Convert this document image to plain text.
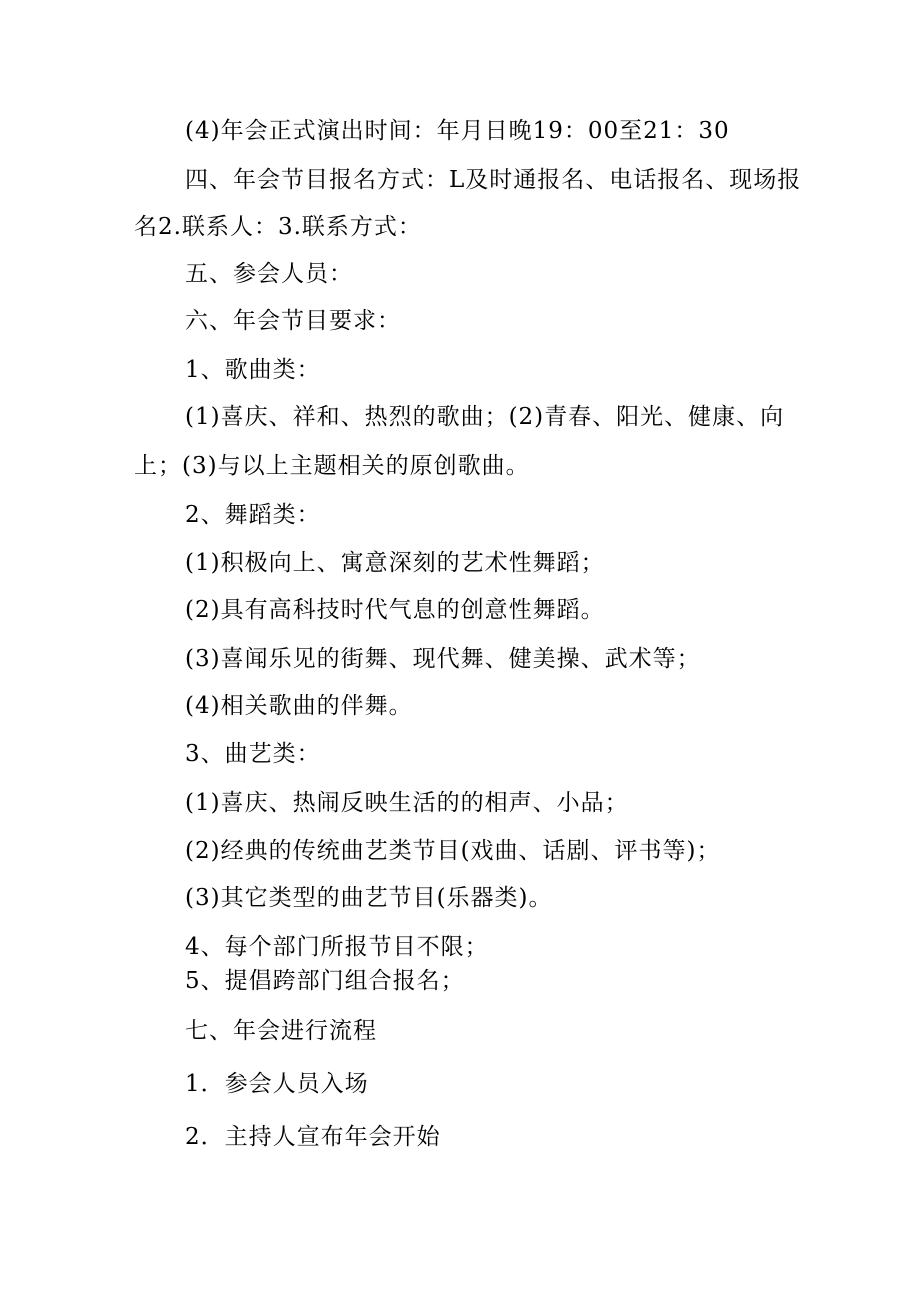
(4)年会正式演出时间：年月日晚19：00至21：30
四、年会节目报名方式：L及时通报名、电话报名、现场报
名2.联系人：3.联系方式：
五、参会人员：
六、年会节目要求：
1、歌曲类：
(1)喜庆、祥和、热烈的歌曲；(2)青春、阳光、健康、向
上；(3)与以上主题相关的原创歌曲。
2、舞蹈类：
(1)积极向上、寓意深刻的艺术性舞蹈；
(2)具有高科技时代气息的创意性舞蹈。
(3)喜闻乐见的街舞、现代舞、健美操、武术等；
(4)相关歌曲的伴舞。
3、曲艺类：
(1)喜庆、热闹反映生活的的相声、小品；
(2)经典的传统曲艺类节目(戏曲、话剧、评书等)；
(3)其它类型的曲艺节目(乐器类)。
4、每个部门所报节目不限；
5、提倡跨部门组合报名；
七、年会进行流程
1．参会人员入场
2．主持人宣布年会开始
